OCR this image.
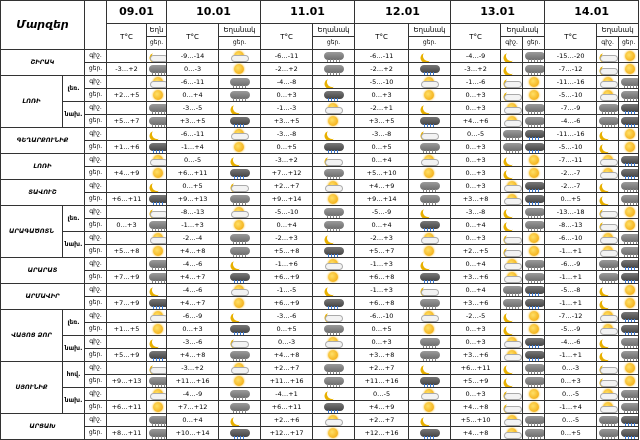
Մարզեր			09.01		10.01		11.01		12.01		13.01			14.01		
			T°C	Եղն	T°C	Եղանակ	T°C	Եղանակ	T°C	Եղանակ	T°C	Եղանակ		T°C	Եղանակ	
				ցեր.		ցեր.		ցեր.		ցեր.		գիշ.	ցեր.		գիշ.	ցեր.
ՇԻՐԱԿ		գիշ.			-9…-14		-6…-11		-6…-11		-4…-9			-15…-20	

		ցեր.	-3…+2		0…-3		-2…+2		-2…+2		-3…+2			-7…-12	

ԼՈՌԻ	լեռ.	գիշ.			-6…-11		-4…-8		-5…-10		-1…-6			-11…-16	

		ցեր.	+2…+5		0…+4		0…+3		0…+3		0…+3			-5…-10	

	նախ.	գիշ.			-3…-5		-1…-3		-2…+1		0…+3			-7…-9	

		ցեր.	+5…+7		+3…+5		+3…+5		+3…+5		+4…+6			-4…-6	

ԳԵՂԱՐՔՈՒՆԻՔ		գիշ.			-6…-11		-3…-8		-3…-8		0…-5			-11…-16	

		ցեր.	+1…+6		-1…+4		0…+5		0…+5		0…+3			-5…-10	

ԼՈՌԻ		գիշ.			0…-5		-3…+2		0…+4		0…+3			-7…-11	

		ցեր.	+4…+9		+6…+11		+7…+12		+5…+10		0…+3			-2…-7	

ՏԱՎՈՒՇ		գիշ.			0…+5		+2…+7		+4…+9		0…+3			-2…-7	

		ցեր.	+6…+11		+9…+13		+9…+14		+9…+14		+3…+8			0…+5	

ԱՐԱԳԱԾՈՏՆ	լեռ.	գիշ.			-8…-13		-5…-10		-5…-9		-3…-8			-13…-18	

		ցեր.	0…+3		-1…+3		0…+4		0…+4		0…+4			-8…-13	

	նախ.	գիշ.			-2…-4		-2…+3		-2…+3		0…+3			-6…-10	

		ցեր.	+5…+8		+4…+8		+5…+8		+5…+7		+2…+5			-1…+1	

ԱՐԱՐԱՏ		գիշ.			-4…-6		-1…+6		-1…+3		0…+4			-6…-9	

		ցեր.	+7…+9		+4…+7		+6…+9		+6…+8		+3…+6			-1…+1	

ԱՐՄԱՎԻՐ		գիշ.			-4…-6		-1…-5		-1…+3		0…+4			-5…-8	

		ցեր.	+7…+9		+4…+7		+6…+9		+6…+8		+3…+6			-1…+1	

ՎԱՅՈՑ ՁՈՐ	լեռ.	գիշ.			-6…-9		-3…-6		-6…-10		-2…-5			-7…-12	

		ցեր.	+1…+5		0…+3		0…+5		0…+5		0…+3			-5…-9	

	նախ.	գիշ.			-3…-6		0…-3		0…+3		0…+3			-4…-6	

		ցեր.	+5…+9		+4…+8		+4…+8		+3…+8		+3…+6			-1…+1	

ՍՅՈՒՆԻՔ	հով.	գիշ.			-3…+2		+2…+7		+2…+7		+6…+11			0…-3	

		ցեր.	+9…+13		+11…+16		+11…+16		+11…+16		+5…+9			0…+3	

	նախ.	գիշ.			-4…-9		-4…+1		0…-5		0…+3			0…-5	

		ցեր.	+6…+11		+7…+12		+6…+11		+4…+9		+4…+8			-1…+4	

ԱՐՑԱԽ		գիշ.			0…+4		+2…+6		+2…+7		+5…+10			0…-5	

		ցեր.	+8…+11		+10…+14		+12…+17		+12…+16		+4…+8			0…+5	
